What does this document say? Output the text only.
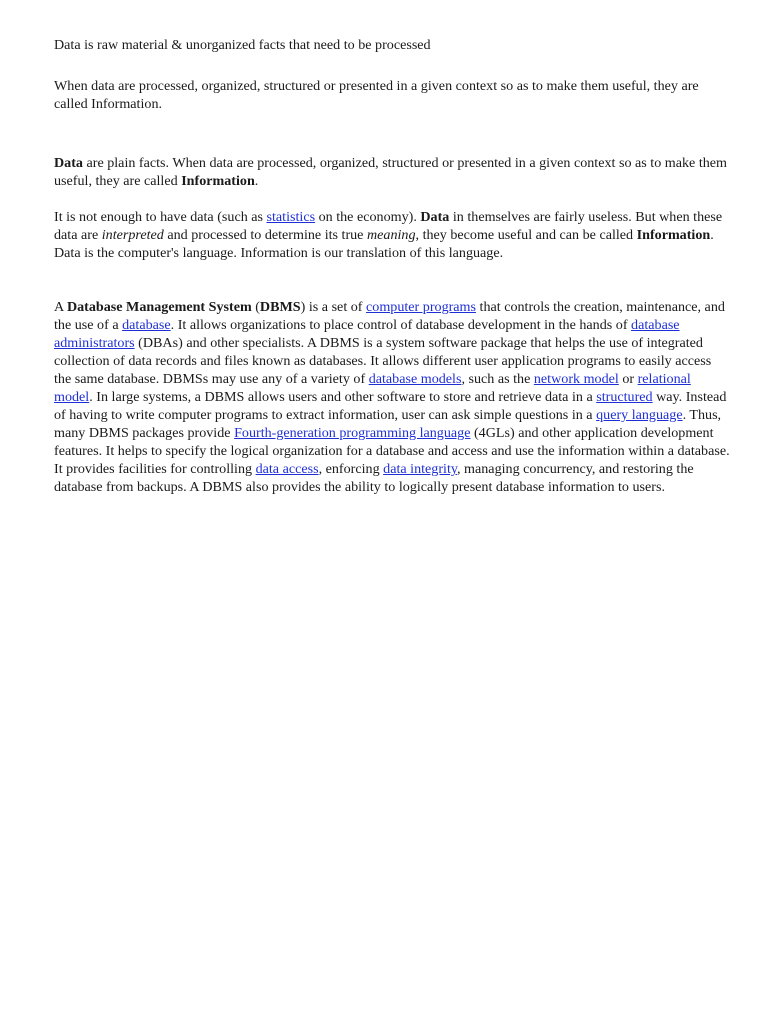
Data is raw material & unorganized facts that need to be processed

When data are processed, organized, structured or presented in a given context so as to make them useful, they are called Information.

Data are plain facts. When data are processed, organized, structured or presented in a given context so as to make them useful, they are called Information.

It is not enough to have data (such as statistics on the economy). Data in themselves are fairly useless. But when these data are interpreted and processed to determine its true meaning, they become useful and can be called Information. Data is the computer's language. Information is our translation of this language.

A Database Management System (DBMS) is a set of computer programs that controls the creation, maintenance, and the use of a database. It allows organizations to place control of database development in the hands of database administrators (DBAs) and other specialists. A DBMS is a system software package that helps the use of integrated collection of data records and files known as databases. It allows different user application programs to easily access the same database. DBMSs may use any of a variety of database models, such as the network model or relational model. In large systems, a DBMS allows users and other software to store and retrieve data in a structured way. Instead of having to write computer programs to extract information, user can ask simple questions in a query language. Thus, many DBMS packages provide Fourth-generation programming language (4GLs) and other application development features. It helps to specify the logical organization for a database and access and use the information within a database. It provides facilities for controlling data access, enforcing data integrity, managing concurrency, and restoring the database from backups. A DBMS also provides the ability to logically present database information to users.
